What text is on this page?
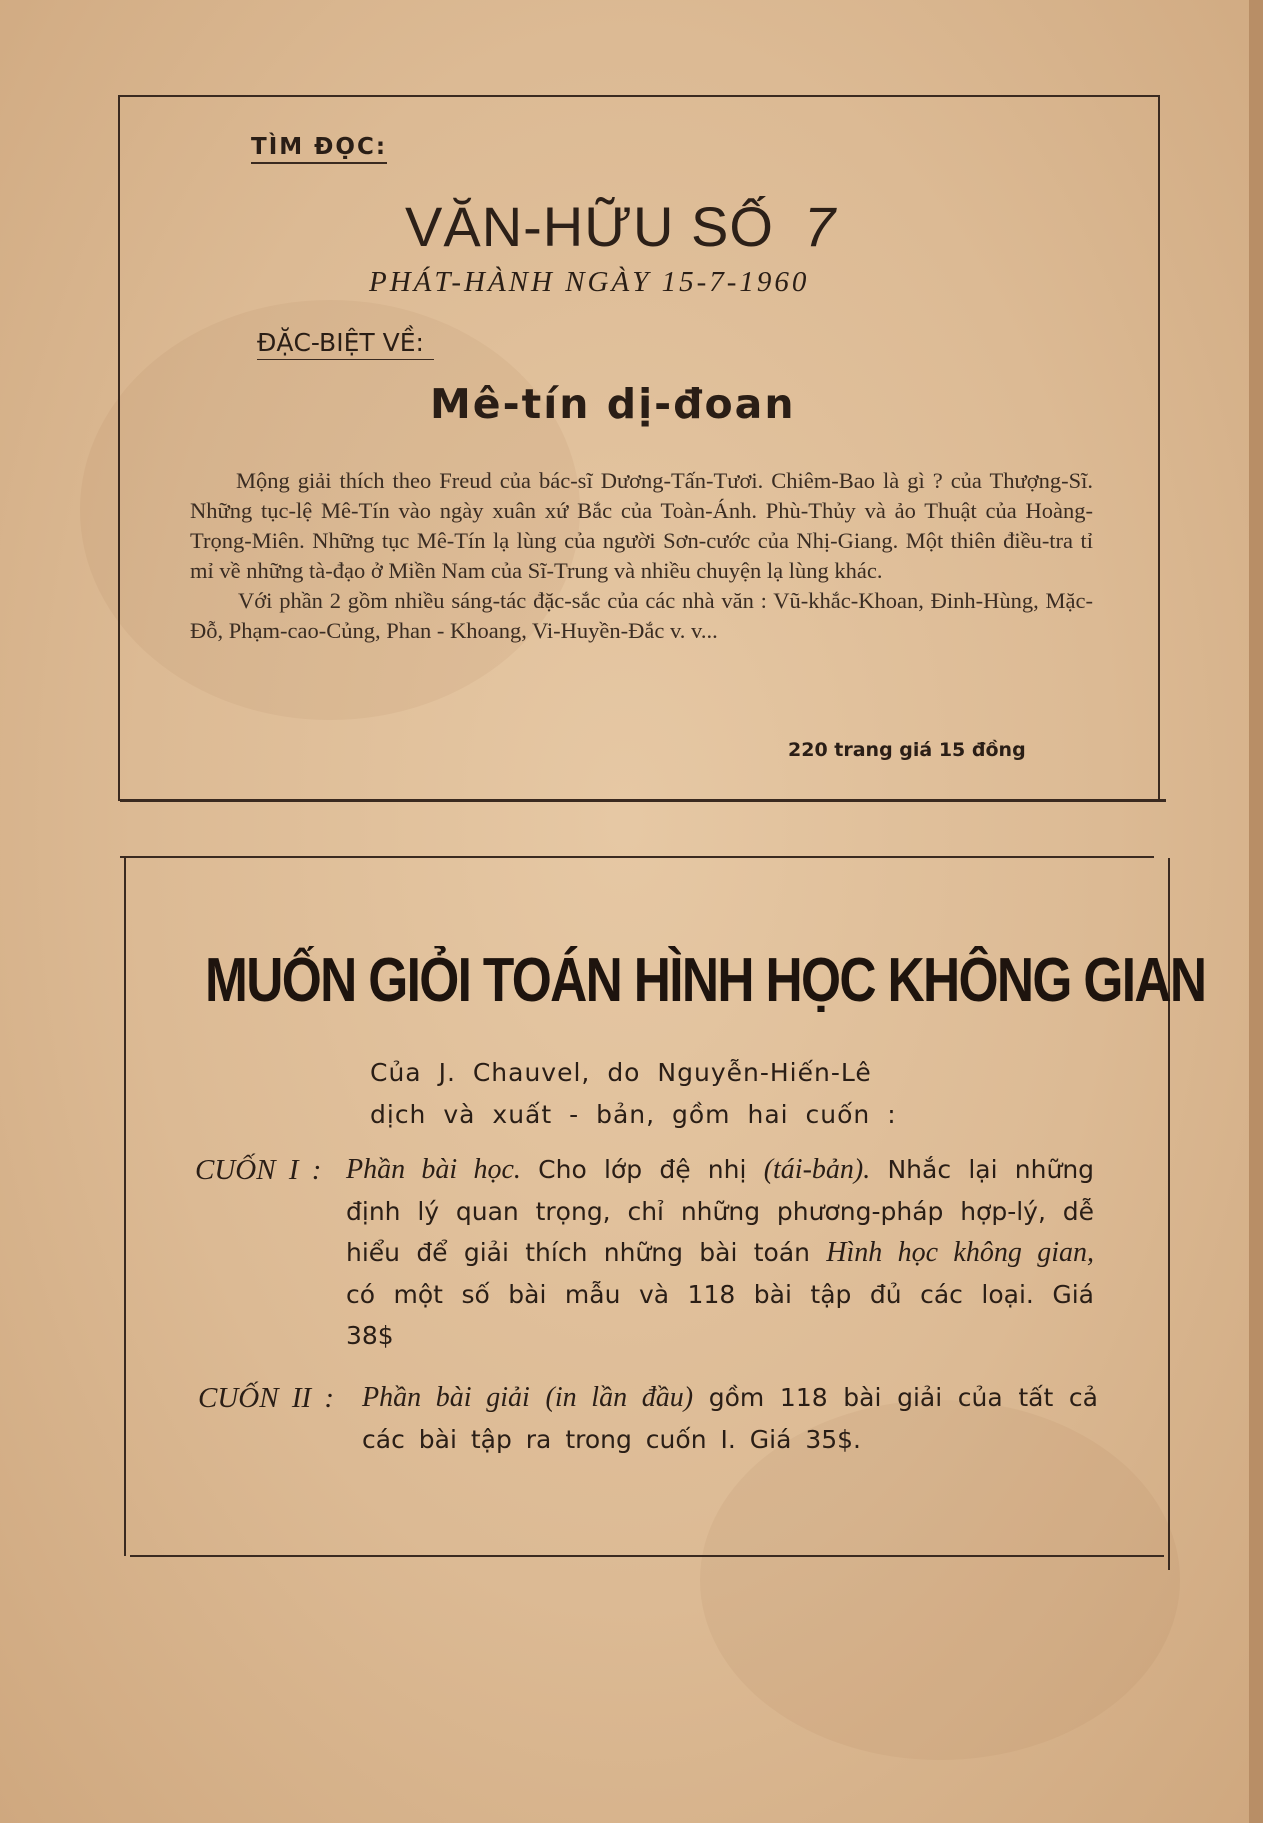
TÌM ĐỌC:
VĂN-HỮU SỐ 7
PHÁT-HÀNH NGÀY 15-7-1960
ĐẶC-BIỆT VỀ:
Mê-tín dị-đoan

Mộng giải thích theo Freud của bác-sĩ Dương-Tấn-Tươi. Chiêm-Bao là gì ? của Thượng-Sĩ. Những tục-lệ Mê-Tín vào ngày xuân xứ Bắc của Toàn-Ánh. Phù-Thủy và ảo Thuật của Hoàng-Trọng-Miên. Những tục Mê-Tín lạ lùng của người Sơn-cước của Nhị-Giang. Một thiên điều-tra tỉ mỉ về những tà-đạo ở Miền Nam của Sĩ-Trung và nhiều chuyện lạ lùng khác.

Với phần 2 gồm nhiều sáng-tác đặc-sắc của các nhà văn : Vũ-khắc-Khoan, Đinh-Hùng, Mặc-Đỗ, Phạm-cao-Củng, Phan - Khoang, Vi-Huyền-Đắc v. v...

220 trang giá 15 đồng
MUỐN GIỎI TOÁN HÌNH HỌC KHÔNG GIAN
Của J. Chauvel, do Nguyễn-Hiến-Lê
dịch và xuất - bản, gồm hai cuốn :
CUỐN I : Phần bài học. Cho lớp đệ nhị (tái-bản). Nhắc lại những định lý quan trọng, chỉ những phương-pháp hợp-lý, dễ hiểu để giải thích những bài toán Hình học không gian, có một số bài mẫu và 118 bài tập đủ các loại. Giá 38$
CUỐN II : Phần bài giải (in lần đầu) gồm 118 bài giải của tất cả các bài tập ra trong cuốn I. Giá 35$.
